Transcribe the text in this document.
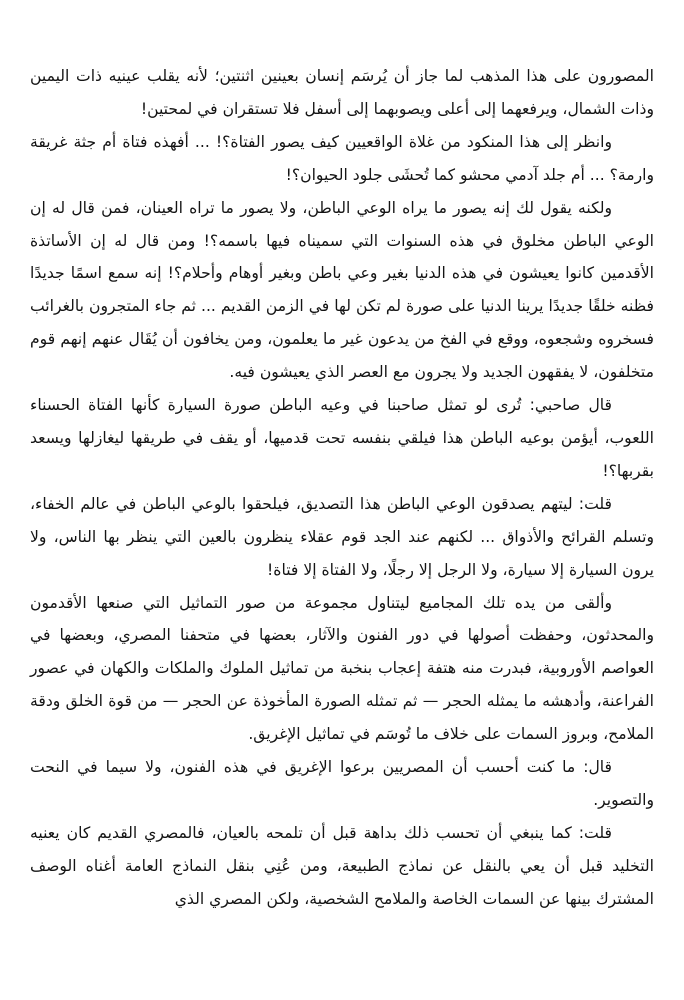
المصورون على هذا المذهب لما جاز أن يُرسَم إنسان بعينين اثنتين؛ لأنه يقلب عينيه ذات اليمين وذات الشمال، ويرفعهما إلى أعلى ويصوبهما إلى أسفل فلا تستقران في لمحتين!

وانظر إلى هذا المنكود من غلاة الواقعيين كيف يصور الفتاة؟! ... أفهذه فتاة أم جثة غريقة وارمة؟ ... أم جلد آدمي محشو كما تُحشَى جلود الحيوان؟!

ولكنه يقول لك إنه يصور ما يراه الوعي الباطن، ولا يصور ما تراه العينان، فمن قال له إن الوعي الباطن مخلوق في هذه السنوات التي سميناه فيها باسمه؟! ومن قال له إن الأساتذة الأقدمين كانوا يعيشون في هذه الدنيا بغير وعي باطن وبغير أوهام وأحلام؟! إنه سمع اسمًا جديدًا فظنه خلقًا جديدًا يرينا الدنيا على صورة لم تكن لها في الزمن القديم ... ثم جاء المتجرون بالغرائب فسخروه وشجعوه، ووقع في الفخ من يدعون غير ما يعلمون، ومن يخافون أن يُقَال عنهم إنهم قوم متخلفون، لا يفقهون الجديد ولا يجرون مع العصر الذي يعيشون فيه.

قال صاحبي: تُرى لو تمثل صاحبنا في وعيه الباطن صورة السيارة كأنها الفتاة الحسناء اللعوب، أيؤمن بوعيه الباطن هذا فيلقي بنفسه تحت قدميها، أو يقف في طريقها ليغازلها ويسعد بقربها؟!

قلت: ليتهم يصدقون الوعي الباطن هذا التصديق، فيلحقوا بالوعي الباطن في عالم الخفاء، وتسلم القرائح والأذواق ... لكنهم عند الجد قوم عقلاء ينظرون بالعين التي ينظر بها الناس، ولا يرون السيارة إلا سيارة، ولا الرجل إلا رجلًا، ولا الفتاة إلا فتاة!

وألقى من يده تلك المجاميع ليتناول مجموعة من صور التماثيل التي صنعها الأقدمون والمحدثون، وحفظت أصولها في دور الفنون والآثار، بعضها في متحفنا المصري، وبعضها في العواصم الأوروبية، فبدرت منه هتفة إعجاب بنخبة من تماثيل الملوك والملكات والكهان في عصور الفراعنة، وأدهشه ما يمثله الحجر — ثم تمثله الصورة المأخوذة عن الحجر — من قوة الخلق ودقة الملامح، وبروز السمات على خلاف ما تُوسَم في تماثيل الإغريق.

قال: ما كنت أحسب أن المصريين برعوا الإغريق في هذه الفنون، ولا سيما في النحت والتصوير.

قلت: كما ينبغي أن تحسب ذلك بداهة قبل أن تلمحه بالعيان، فالمصري القديم كان يعنيه التخليد قبل أن يعي بالنقل عن نماذج الطبيعة، ومن عُنِي بنقل النماذج العامة أغناه الوصف المشترك بينها عن السمات الخاصة والملامح الشخصية، ولكن المصري الذي
